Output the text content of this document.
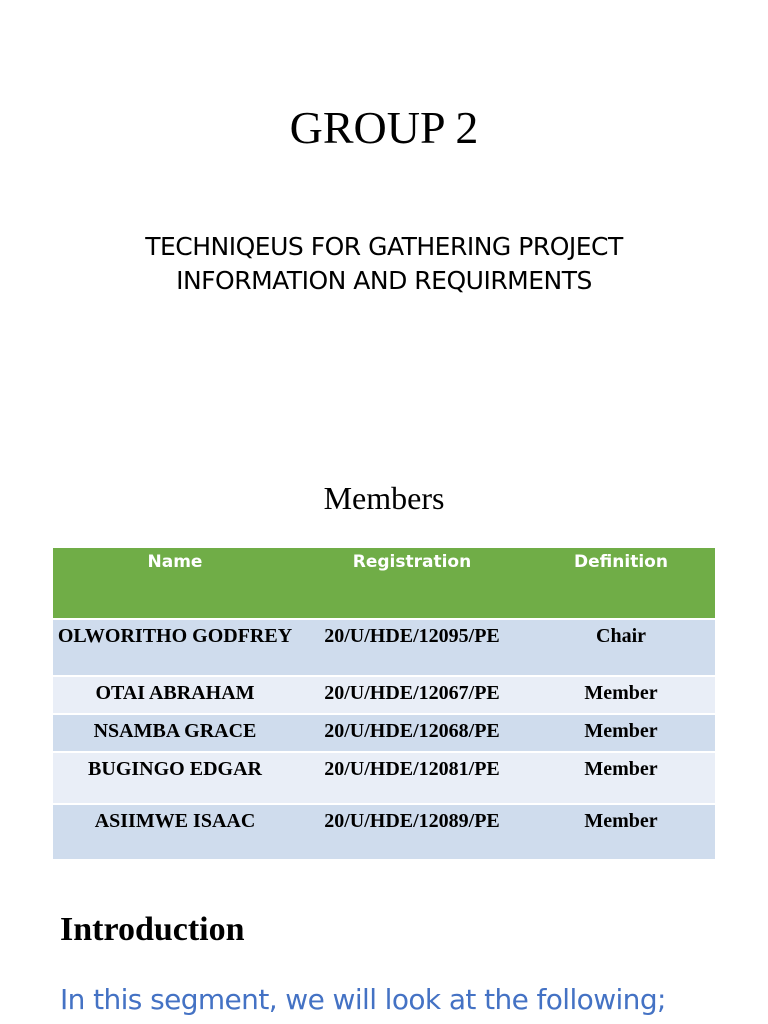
GROUP 2
TECHNIQEUS FOR GATHERING PROJECT
INFORMATION AND REQUIRMENTS
Members
Name	Registration	Definition
OLWORITHO GODFREY	20/U/HDE/12095/PE	Chair
OTAI ABRAHAM	20/U/HDE/12067/PE	Member
NSAMBA GRACE	20/U/HDE/12068/PE	Member
BUGINGO EDGAR	20/U/HDE/12081/PE	Member
ASIIMWE ISAAC	20/U/HDE/12089/PE	Member
Introduction
In this segment, we will look at the following;
